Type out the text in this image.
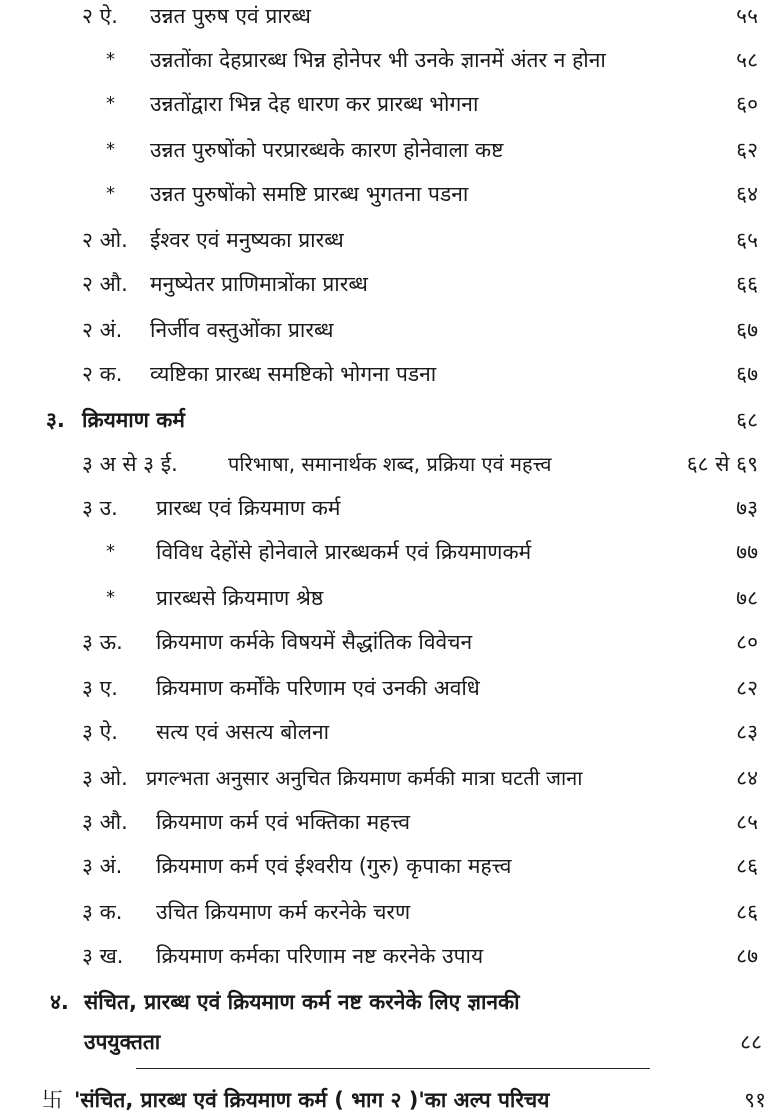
२ ऐ. उन्नत पुरुष एवं प्रारब्ध	५५
* उन्नतोंका देहप्रारब्ध भिन्न होनेपर भी उनके ज्ञानमें अंतर न होना	५८
* उन्नतोंद्वारा भिन्न देह धारण कर प्रारब्ध भोगना	६०
* उन्नत पुरुषोंको परप्रारब्धके कारण होनेवाला कष्ट	६२
* उन्नत पुरुषोंको समष्टि प्रारब्ध भुगतना पडना	६४
२ ओ. ईश्वर एवं मनुष्यका प्रारब्ध	६५
२ औ. मनुष्येतर प्राणिमात्रोंका प्रारब्ध	६६
२ अं. निर्जीव वस्तुओंका प्रारब्ध	६७
२ क. व्यष्टिका प्रारब्ध समष्टिको भोगना पडना	६७
३. क्रियमाण कर्म	६८
३ अ से ३ ई.	परिभाषा, समानार्थक शब्द, प्रक्रिया एवं महत्त्व	६८ से ६९
३ उ. प्रारब्ध एवं क्रियमाण कर्म	७३
* विविध देहोंसे होनेवाले प्रारब्धकर्म एवं क्रियमाणकर्म	७७
* प्रारब्धसे क्रियमाण श्रेष्ठ	७८
३ ऊ. क्रियमाण कर्मके विषयमें सैद्धांतिक विवेचन	८०
३ ए. क्रियमाण कर्मोंके परिणाम एवं उनकी अवधि	८२
३ ऐ. सत्य एवं असत्य बोलना	८३
३ ओ. प्रगल्भता अनुसार अनुचित क्रियमाण कर्मकी मात्रा घटती जाना	८४
३ औ. क्रियमाण कर्म एवं भक्तिका महत्त्व	८५
३ अं. क्रियमाण कर्म एवं ईश्वरीय (गुरु) कृपाका महत्त्व	८६
३ क. उचित क्रियमाण कर्म करनेके चरण	८६
३ ख. क्रियमाण कर्मका परिणाम नष्ट करनेके उपाय	८७
४. संचित, प्रारब्ध एवं क्रियमाण कर्म नष्ट करनेके लिए ज्ञानकी
उपयुक्तता	८८
卐 'संचित, प्रारब्ध एवं क्रियमाण कर्म ( भाग २ )'का अल्प परिचय	९१
